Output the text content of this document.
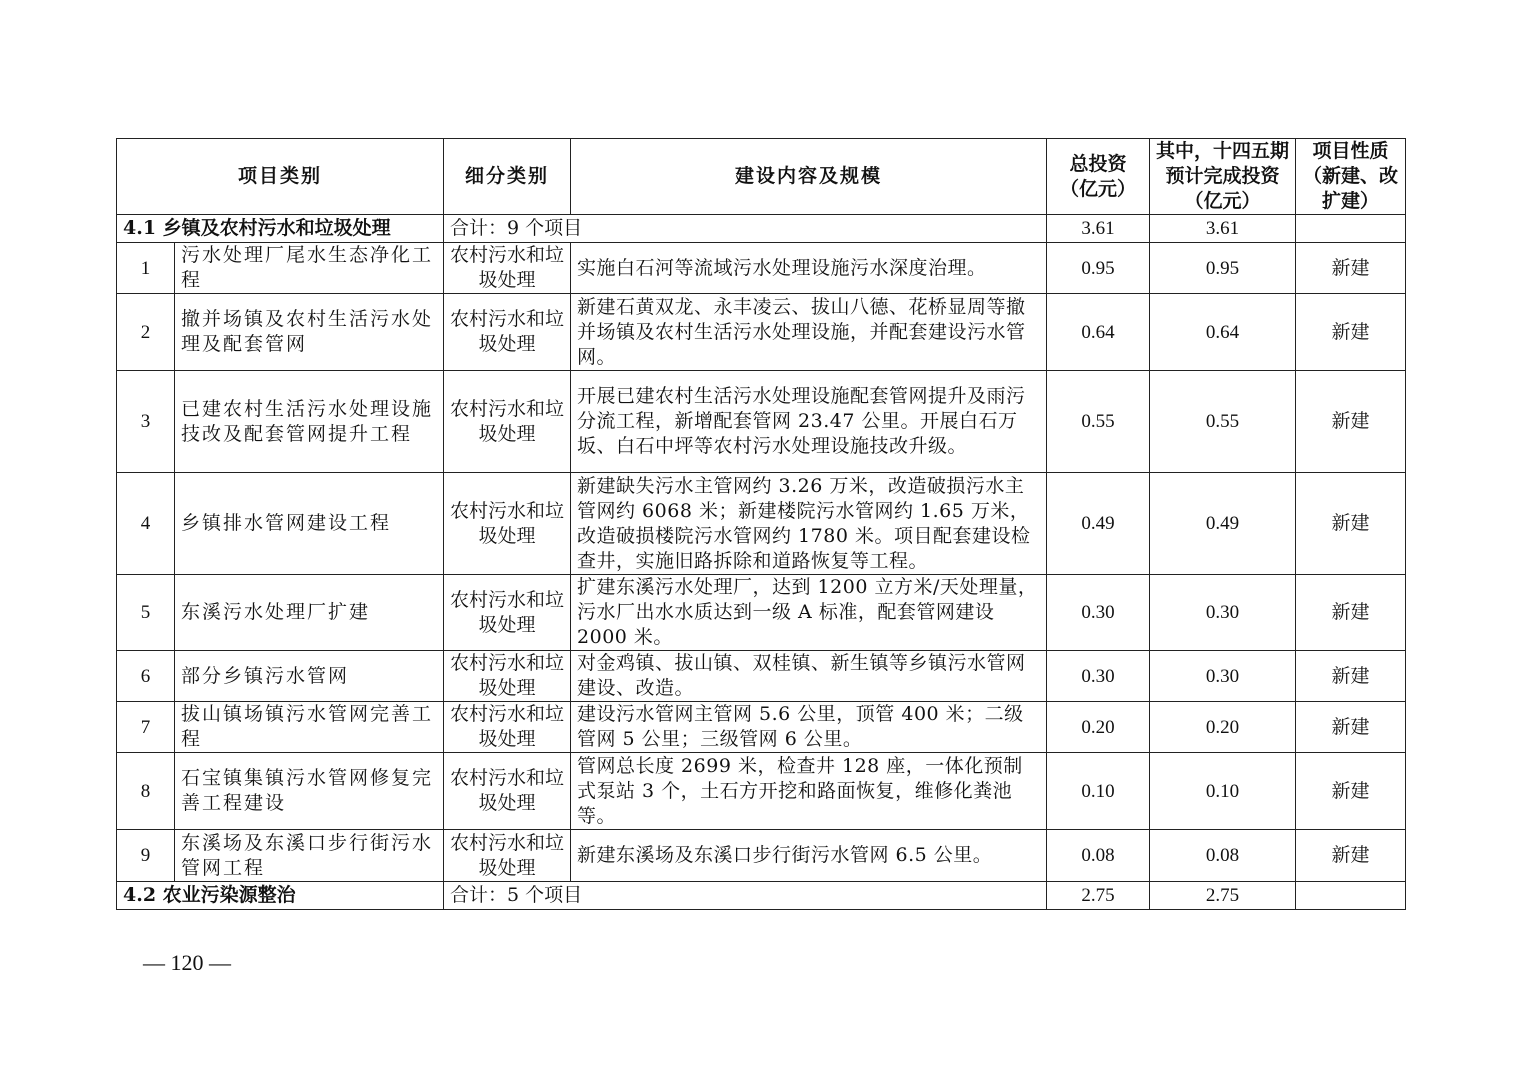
项目类别		细分类别	建设内容及规模	总投资（亿元）	其中，十四五期预计完成投资（亿元）	项目性质（新建、改扩建）
4.1 乡镇及农村污水和垃圾处理		合计：9 个项目		3.61	3.61	
1	污水处理厂尾水生态净化工程	农村污水和垃圾处理	实施白石河等流域污水处理设施污水深度治理。	0.95	0.95	新建
2	撤并场镇及农村生活污水处理及配套管网	农村污水和垃圾处理	新建石黄双龙、永丰凌云、拔山八德、花桥显周等撤并场镇及农村生活污水处理设施，并配套建设污水管网。	0.64	0.64	新建
3	已建农村生活污水处理设施技改及配套管网提升工程	农村污水和垃圾处理	开展已建农村生活污水处理设施配套管网提升及雨污分流工程，新增配套管网 23.47 公里。开展白石万坂、白石中坪等农村污水处理设施技改升级。	0.55	0.55	新建
4	乡镇排水管网建设工程	农村污水和垃圾处理	新建缺失污水主管网约 3.26 万米，改造破损污水主管网约 6068 米；新建楼院污水管网约 1.65 万米，改造破损楼院污水管网约 1780 米。项目配套建设检查井，实施旧路拆除和道路恢复等工程。	0.49	0.49	新建
5	东溪污水处理厂扩建	农村污水和垃圾处理	扩建东溪污水处理厂，达到 1200 立方米/天处理量，污水厂出水水质达到一级 A 标准，配套管网建设 2000 米。	0.30	0.30	新建
6	部分乡镇污水管网	农村污水和垃圾处理	对金鸡镇、拔山镇、双桂镇、新生镇等乡镇污水管网建设、改造。	0.30	0.30	新建
7	拔山镇场镇污水管网完善工程	农村污水和垃圾处理	建设污水管网主管网 5.6 公里，顶管 400 米；二级管网 5 公里；三级管网 6 公里。	0.20	0.20	新建
8	石宝镇集镇污水管网修复完善工程建设	农村污水和垃圾处理	管网总长度 2699 米，检查井 128 座，一体化预制式泵站 3 个，土石方开挖和路面恢复，维修化粪池等。	0.10	0.10	新建
9	东溪场及东溪口步行街污水管网工程	农村污水和垃圾处理	新建东溪场及东溪口步行街污水管网 6.5 公里。	0.08	0.08	新建
4.2 农业污染源整治		合计：5 个项目		2.75	2.75	
— 120 —
